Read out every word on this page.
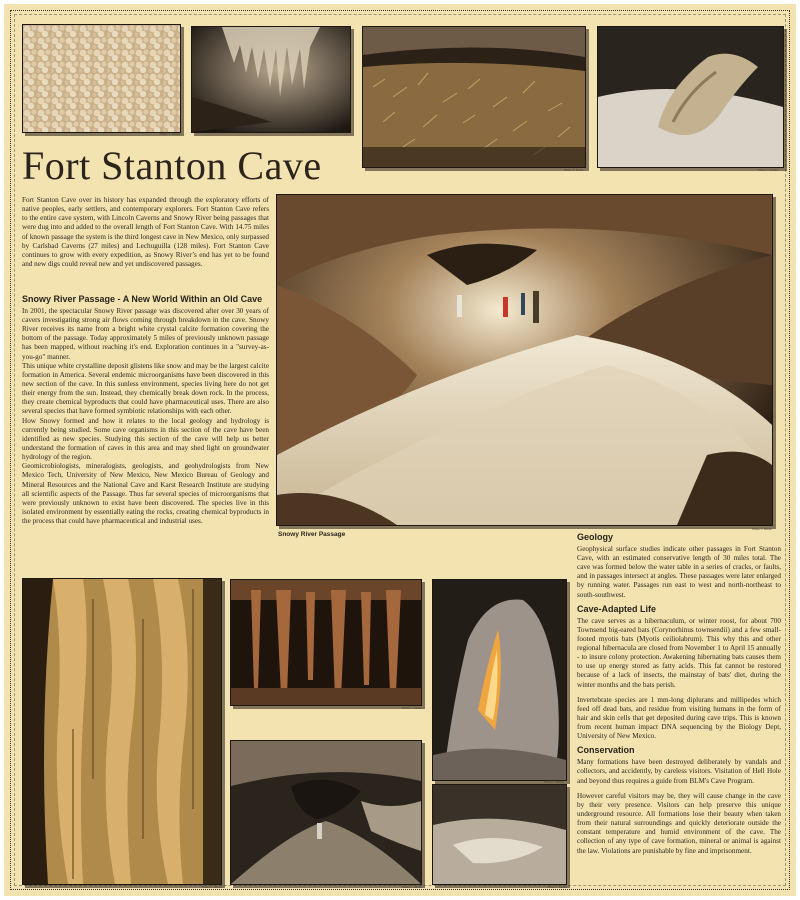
Photo © Wicks
Photo © Kinkle	Photo © Kinkle
Fort Stanton Cave

Fort Stanton Cave over its history has expanded through the exploratory efforts of native peoples, early settlers, and contemporary explorers. Fort Stanton Cave refers to the entire cave system, with Lincoln Caverns and Snowy River being passages that were dug into and added to the overall length of Fort Stanton Cave. With 14.75 miles of known passage the system is the third longest cave in New Mexico, only surpassed by Carlsbad Caverns (27 miles) and Lechuguilla (128 miles). Fort Stanton Cave continues to grow with every expedition, as Snowy River’s end has yet to be found and new digs could reveal new and yet undiscovered passages.

Photo © Wicks
Snowy River Passage
Snowy River Passage - A New World Within an Old Cave

In 2001, the spectacular Snowy River passage was discovered after over 30 years of cavers investigating strong air flows coming through breakdown in the cave. Snowy River receives its name from a bright white crystal calcite formation covering the bottom of the passage. Today approximately 5 miles of previously unknown passage has been mapped, without reaching it's end. Exploration continues in a "survey-as-you-go" manner.

This unique white crystalline deposit glistens like snow and may be the largest calcite formation in America. Several endemic microorganisms have been discovered in this new section of the cave. In this sunless environment, species living here do not get their energy from the sun. Instead, they chemically break down rock. In the process, they create chemical byproducts that could have pharmaceutical uses. There are also several species that have formed symbiotic relationships with each other.

How Snowy formed and how it relates to the local geology and hydrology is currently being studied. Some cave organisms in this section of the cave have been identified as new species. Studying this section of the cave will help us better understand the formation of caves in this area and may shed light on groundwater hydrology of the region.

Geomicrobiologists, mineralogists, geologists, and geohydrologists from New Mexico Tech, University of New Mexico, New Mexico Bureau of Geology and Mineral Resources and the National Cave and Karst Research Institute are studying all scientific aspects of the Passage. Thus far several species of microorganisms that were previously unknown to exist have been discovered. The species live in this isolated environment by essentially eating the rocks, creating chemical byproducts in the process that could have pharmaceutical and industrial uses.

Geology

Geophysical surface studies indicate other passages in Fort Stanton Cave, with an estimated conservative length of 30 miles total. The cave was formed below the water table in a series of cracks, or faults, and in passages intersect at angles. These passages were later enlarged by running water. Passages run east to west and north-northeast to south-southwest.

Cave-Adapted Life

The cave serves as a hibernaculum, or winter roost, for about 700 Townsend big-eared bats (Corynorhinus townsendii) and a few small-footed myotis bats (Myotis ceiliolabrum). This why this and other regional hibernacula are closed from November 1 to April 15 annually - to insure colony protection. Awakening hibernating bats causes them to use up energy stored as fatty acids. This fat cannot be restored because of a lack of insects, the mainstay of bats' diet, during the winter months and the bats perish.

Invertebrate species are 1 mm-long diplurans and millipedes which feed off dead bats, and residue from visiting humans in the form of hair and skin cells that get deposited during cave trips. This is known from recent human impact DNA sequencing by the Biology Dept, University of New Mexico.

Conservation

Many formations have been destroyed deliberately by vandals and collectors, and accidently, by careless visitors. Visitation of Hell Hole and beyond thus requires a guide from BLM's Cave Program.

However careful visitors may be, they will cause change in the cave by their very presence. Visitors can help preserve this unique underground resource. All formations lose their beauty when taken from their natural surroundings and quickly deteriorate outside the constant temperature and humid environment of the cave. The collection of any type of cave formation, mineral or animal is against the law. Violations are punishable by fine and imprisonment.

Photo © Wicks
Photo © Kinkle
Photo © Wicks	Photo © Kinkle
Photo © Wicks
